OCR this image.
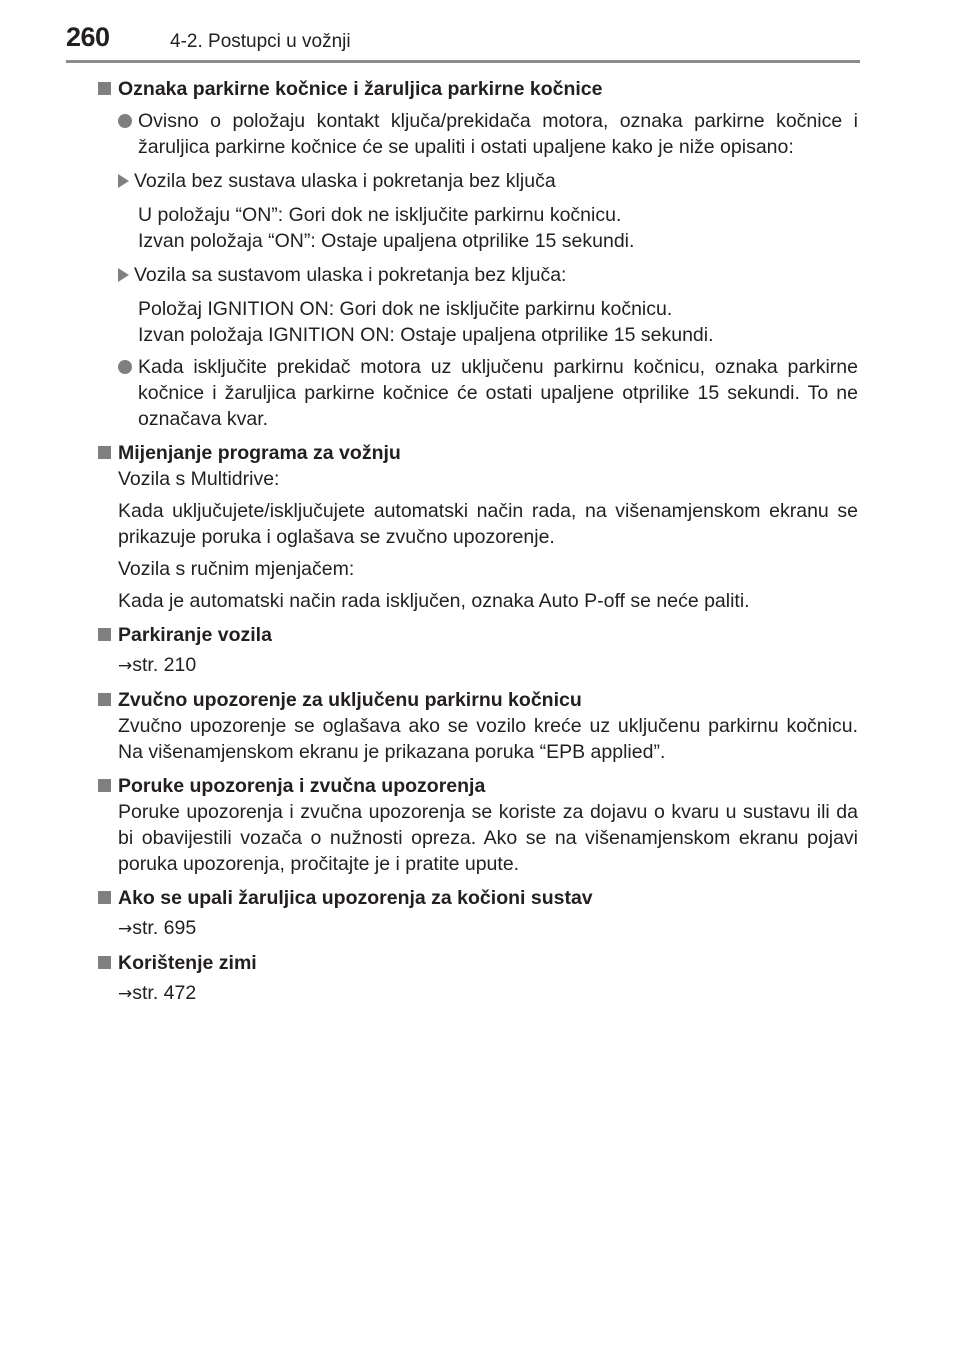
260	4-2. Postupci u vožnji
Oznaka parkirne kočnice i žaruljica parkirne kočnice
Ovisno o položaju kontakt ključa/prekidača motora, oznaka parkirne kočnice i žaruljica parkirne kočnice će se upaliti i ostati upaljene kako je niže opisano:
Vozila bez sustava ulaska i pokretanja bez ključa
U položaju “ON”: Gori dok ne isključite parkirnu kočnicu.
Izvan položaja “ON”: Ostaje upaljena otprilike 15 sekundi.
Vozila sa sustavom ulaska i pokretanja bez ključa:
Položaj IGNITION ON: Gori dok ne isključite parkirnu kočnicu.
Izvan položaja IGNITION ON: Ostaje upaljena otprilike 15 sekundi.
Kada isključite prekidač motora uz uključenu parkirnu kočnicu, oznaka parkirne kočnice i žaruljica parkirne kočnice će ostati upaljene otprilike 15 sekundi. To ne označava kvar.
Mijenjanje programa za vožnju
Vozila s Multidrive:
Kada uključujete/isključujete automatski način rada, na višenamjenskom ekranu se prikazuje poruka i oglašava se zvučno upozorenje.
Vozila s ručnim mjenjačem:
Kada je automatski način rada isključen, oznaka Auto P-off se neće paliti.
Parkiranje vozila
→str. 210
Zvučno upozorenje za uključenu parkirnu kočnicu
Zvučno upozorenje se oglašava ako se vozilo kreće uz uključenu parkirnu kočnicu. Na višenamjenskom ekranu je prikazana poruka “EPB applied”.
Poruke upozorenja i zvučna upozorenja
Poruke upozorenja i zvučna upozorenja se koriste za dojavu o kvaru u sustavu ili da bi obavijestili vozača o nužnosti opreza. Ako se na višenamjenskom ekranu pojavi poruka upozorenja, pročitajte je i pratite upute.
Ako se upali žaruljica upozorenja za kočioni sustav
→str. 695
Korištenje zimi
→str. 472
